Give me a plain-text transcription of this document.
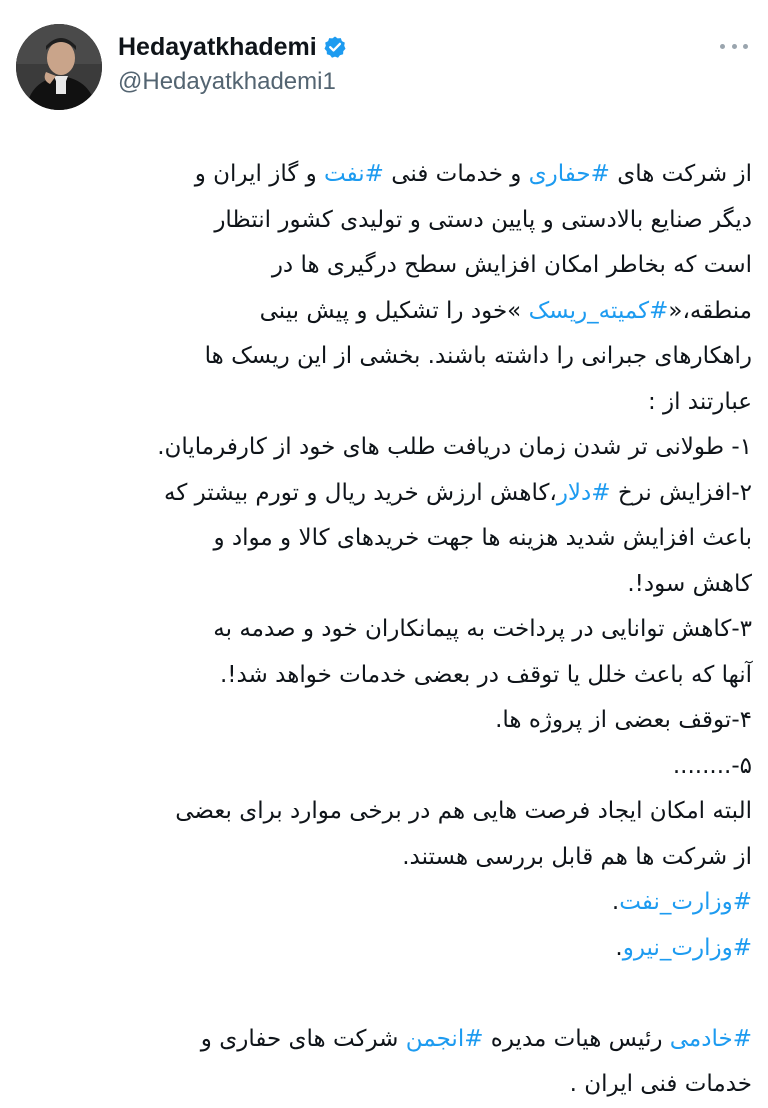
Hedayatkhademi
@Hedayatkhademi1
از شرکت های #حفاری و خدمات فنی #نفت و گاز ایران و
دیگر صنایع بالادستی و پایین دستی و تولیدی کشور انتظار
است که بخاطر امکان افزایش سطح درگیری ها در
منطقه،«#کمیته_ریسک »خود را تشکیل و پیش بینی
راهکارهای جبرانی را داشته باشند. بخشی از این ریسک ها
عبارتند از :
۱- طولانی تر شدن زمان دریافت طلب های خود از کارفرمایان.
۲-افزایش نرخ #دلار،کاهش ارزش خرید ریال و تورم بیشتر که
باعث افزایش شدید هزینه ها جهت خریدهای کالا و مواد و
کاهش سود!.
۳-کاهش توانایی در پرداخت به پیمانکاران خود و صدمه به
آنها که باعث خلل یا توقف در بعضی خدمات خواهد شد!.
۴-توقف بعضی از پروژه ها.
۵-........
البته امکان ایجاد فرصت هایی هم در برخی موارد برای بعضی
از شرکت ها هم قابل بررسی هستند.
#وزارت_نفت.
#وزارت_نیرو.
#خادمی رئیس هیات مدیره #انجمن شرکت های حفاری و
خدمات فنی ایران .
